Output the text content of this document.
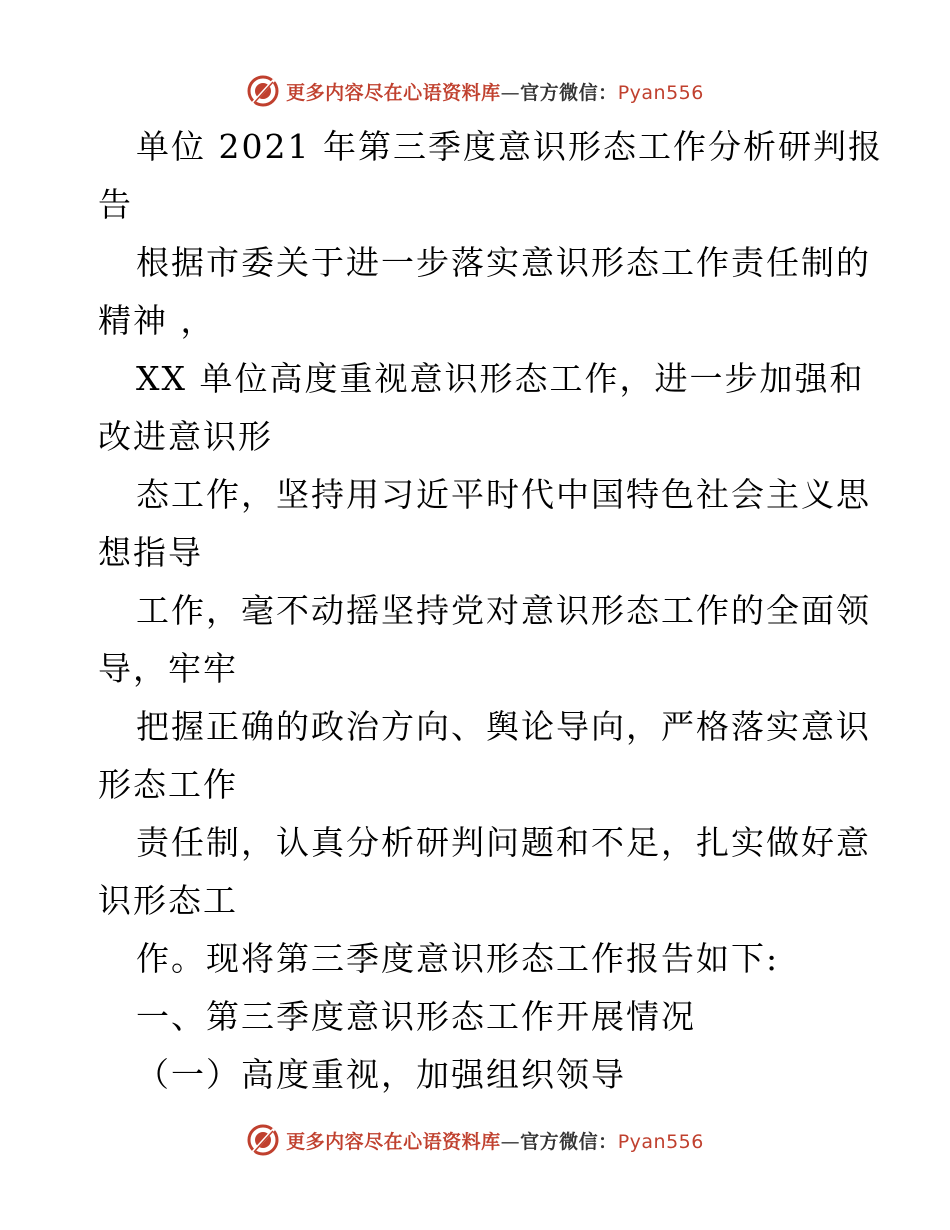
更多内容尽在心语资料库—官方微信：Pyan556
单位 2021 年第三季度意识形态工作分析研判报
告
根据市委关于进一步落实意识形态工作责任制的
精神 ，
XX 单位高度重视意识形态工作，进一步加强和
改进意识形
态工作，坚持用习近平时代中国特色社会主义思
想指导
工作，毫不动摇坚持党对意识形态工作的全面领
导，牢牢
把握正确的政治方向、舆论导向，严格落实意识
形态工作
责任制，认真分析研判问题和不足，扎实做好意
识形态工
作。现将第三季度意识形态工作报告如下:
一、第三季度意识形态工作开展情况
（一）高度重视，加强组织领导
更多内容尽在心语资料库—官方微信：Pyan556
